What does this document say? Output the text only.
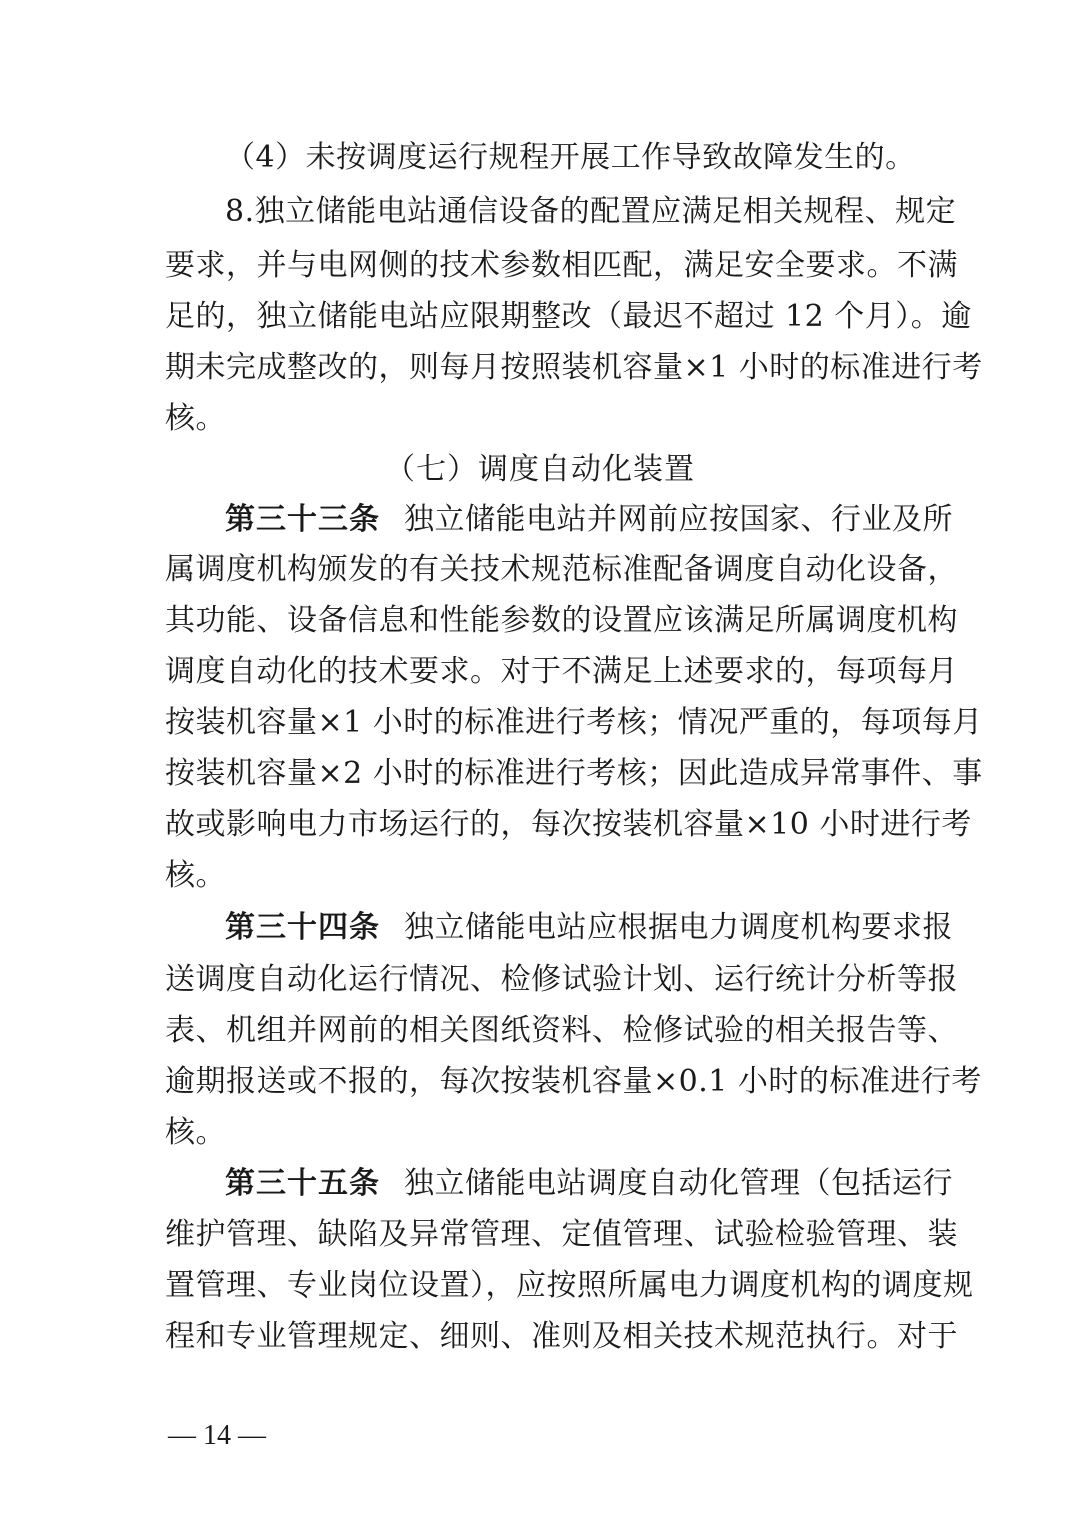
（4）未按调度运行规程开展工作导致故障发生的。
8.独立储能电站通信设备的配置应满足相关规程、规定
要求，并与电网侧的技术参数相匹配，满足安全要求。不满
足的，独立储能电站应限期整改（最迟不超过 12 个月）。逾
期未完成整改的，则每月按照装机容量×1 小时的标准进行考
核。
（七）调度自动化装置
第三十三条 独立储能电站并网前应按国家、行业及所
属调度机构颁发的有关技术规范标准配备调度自动化设备，
其功能、设备信息和性能参数的设置应该满足所属调度机构
调度自动化的技术要求。对于不满足上述要求的，每项每月
按装机容量×1 小时的标准进行考核；情况严重的，每项每月
按装机容量×2 小时的标准进行考核；因此造成异常事件、事
故或影响电力市场运行的，每次按装机容量×10 小时进行考
核。
第三十四条 独立储能电站应根据电力调度机构要求报
送调度自动化运行情况、检修试验计划、运行统计分析等报
表、机组并网前的相关图纸资料、检修试验的相关报告等、
逾期报送或不报的，每次按装机容量×0.1 小时的标准进行考
核。
第三十五条 独立储能电站调度自动化管理（包括运行
维护管理、缺陷及异常管理、定值管理、试验检验管理、装
置管理、专业岗位设置），应按照所属电力调度机构的调度规
程和专业管理规定、细则、准则及相关技术规范执行。对于
— 14 —
